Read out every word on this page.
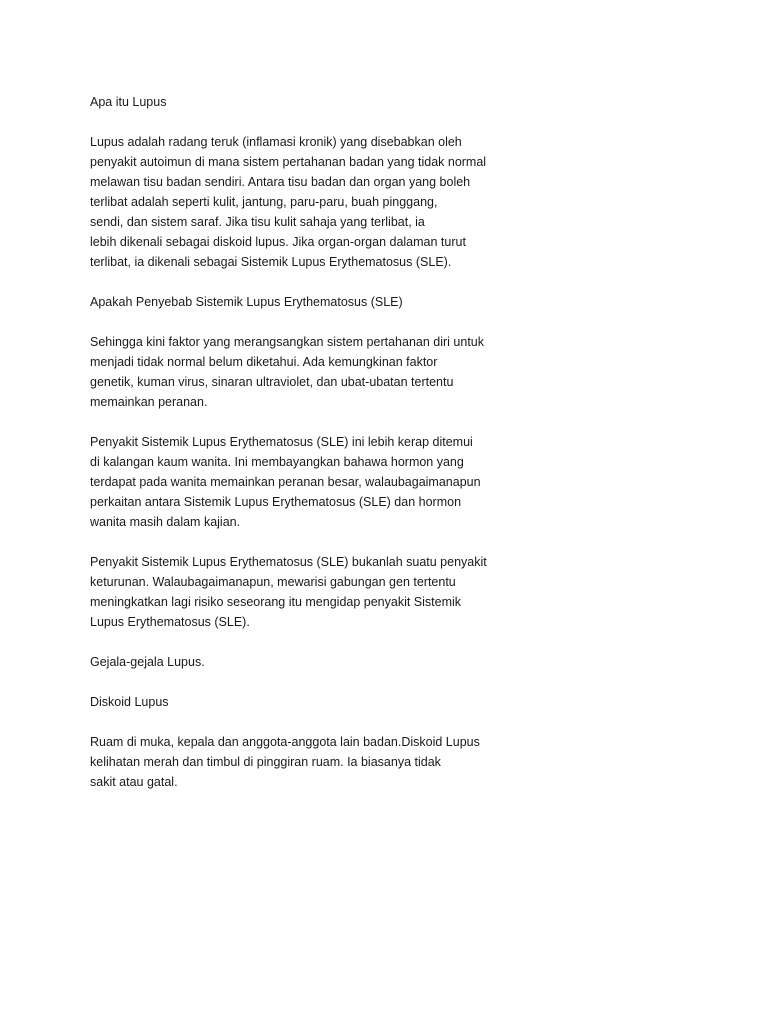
Apa itu Lupus
Lupus adalah radang teruk (inflamasi kronik) yang disebabkan oleh
penyakit autoimun di mana sistem pertahanan badan yang tidak normal
melawan tisu badan sendiri. Antara tisu badan dan organ yang boleh
terlibat adalah seperti kulit, jantung, paru-paru, buah pinggang,
sendi, dan sistem saraf. Jika tisu kulit sahaja yang terlibat, ia
lebih dikenali sebagai diskoid lupus. Jika organ-organ dalaman turut
terlibat, ia dikenali sebagai Sistemik Lupus Erythematosus (SLE).
Apakah Penyebab Sistemik Lupus Erythematosus (SLE)
Sehingga kini faktor yang merangsangkan sistem pertahanan diri untuk
menjadi tidak normal belum diketahui. Ada kemungkinan faktor
genetik, kuman virus, sinaran ultraviolet, dan ubat-ubatan tertentu
memainkan peranan.
Penyakit Sistemik Lupus Erythematosus (SLE) ini lebih kerap ditemui
di kalangan kaum wanita. Ini membayangkan bahawa hormon yang
terdapat pada wanita memainkan peranan besar, walaubagaimanapun
perkaitan antara Sistemik Lupus Erythematosus (SLE) dan hormon
wanita masih dalam kajian.
Penyakit Sistemik Lupus Erythematosus (SLE) bukanlah suatu penyakit
keturunan. Walaubagaimanapun, mewarisi gabungan gen tertentu
meningkatkan lagi risiko seseorang itu mengidap penyakit Sistemik
Lupus Erythematosus (SLE).
Gejala-gejala Lupus.
Diskoid Lupus
Ruam di muka, kepala dan anggota-anggota lain badan.Diskoid Lupus
kelihatan merah dan timbul di pinggiran ruam. Ia biasanya tidak
sakit atau gatal.
